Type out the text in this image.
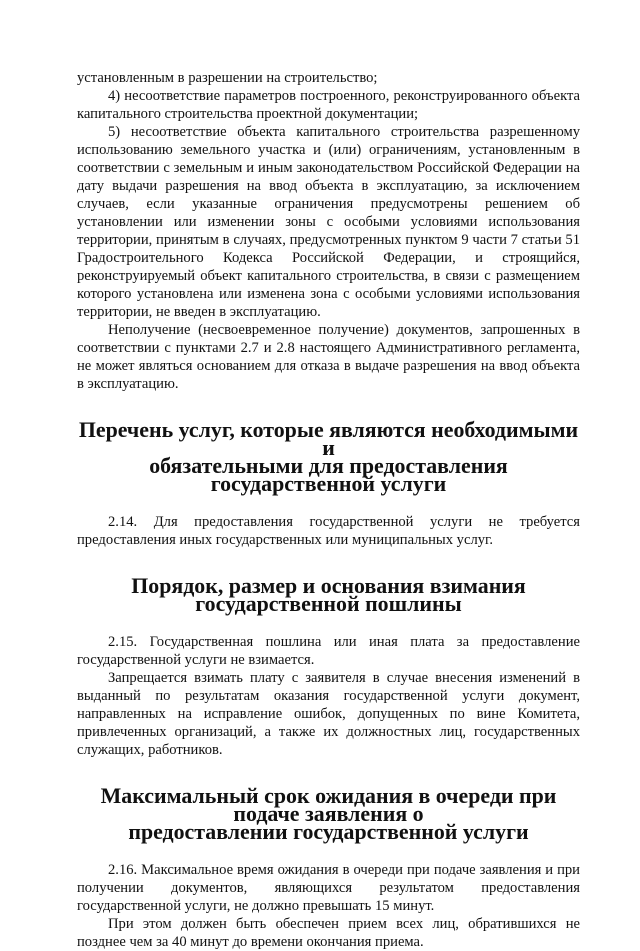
установленным в разрешении на строительство;

4) несоответствие параметров построенного, реконструированного объекта капитального строительства проектной документации;

5) несоответствие объекта капитального строительства разрешенному использованию земельного участка и (или) ограничениям, установленным в соответствии с земельным и иным законодательством Российской Федерации на дату выдачи разрешения на ввод объекта в эксплуатацию, за исключением случаев, если указанные ограничения предусмотрены решением об установлении или изменении зоны с особыми условиями использования территории, принятым в случаях, предусмотренных пунктом 9 части 7 статьи 51 Градостроительного Кодекса Российской Федерации, и строящийся, реконструируемый объект капитального строительства, в связи с размещением которого установлена или изменена зона с особыми условиями использования территории, не введен в эксплуатацию.

Неполучение (несвоевременное получение) документов, запрошенных в соответствии с пунктами 2.7 и 2.8 настоящего Административного регламента, не может являться основанием для отказа в выдаче разрешения на ввод объекта в эксплуатацию.

Перечень услуг, которые являются необходимыми и
обязательными для предоставления государственной услуги

2.14. Для предоставления государственной услуги не требуется предоставления иных государственных или муниципальных услуг.

Порядок, размер и основания взимания государственной пошлины

2.15. Государственная пошлина или иная плата за предоставление государственной услуги не взимается.

Запрещается взимать плату с заявителя в случае внесения изменений в выданный по результатам оказания государственной услуги документ, направленных на исправление ошибок, допущенных по вине Комитета, привлеченных организаций, а также их должностных лиц, государственных служащих, работников.

Максимальный срок ожидания в очереди при подаче заявления о
предоставлении государственной услуги

2.16. Максимальное время ожидания в очереди при подаче заявления и при получении документов, являющихся результатом предоставления государственной услуги, не должно превышать 15 минут.

При этом должен быть обеспечен прием всех лиц, обратившихся не позднее чем за 40 минут до времени окончания приема.
